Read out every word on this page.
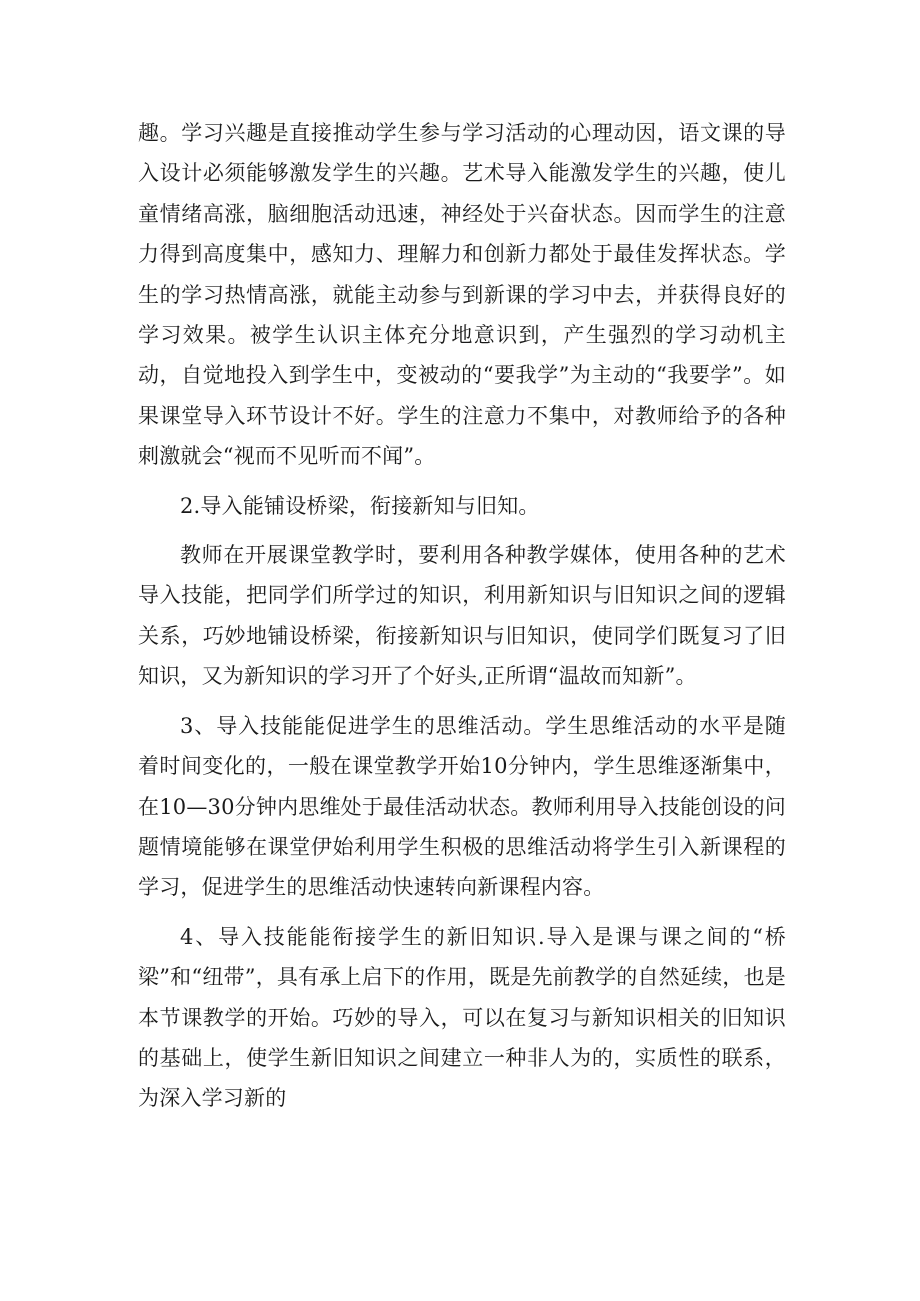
趣。学习兴趣是直接推动学生参与学习活动的心理动因，语文课的导入设计必须能够激发学生的兴趣。艺术导入能激发学生的兴趣，使儿童情绪高涨，脑细胞活动迅速，神经处于兴奋状态。因而学生的注意力得到高度集中，感知力、理解力和创新力都处于最佳发挥状态。学生的学习热情高涨，就能主动参与到新课的学习中去，并获得良好的学习效果。被学生认识主体充分地意识到，产生强烈的学习动机主动，自觉地投入到学生中，变被动的“要我学”为主动的“我要学”。如果课堂导入环节设计不好。学生的注意力不集中，对教师给予的各种刺激就会“视而不见听而不闻”。

2.导入能铺设桥梁，衔接新知与旧知。

教师在开展课堂教学时，要利用各种教学媒体，使用各种的艺术导入技能，把同学们所学过的知识，利用新知识与旧知识之间的逻辑关系，巧妙地铺设桥梁，衔接新知识与旧知识，使同学们既复习了旧知识，又为新知识的学习开了个好头,正所谓“温故而知新”。

3、导入技能能促进学生的思维活动。学生思维活动的水平是随着时间变化的，一般在课堂教学开始10分钟内，学生思维逐渐集中，在10—30分钟内思维处于最佳活动状态。教师利用导入技能创设的问题情境能够在课堂伊始利用学生积极的思维活动将学生引入新课程的学习，促进学生的思维活动快速转向新课程内容。

4、导入技能能衔接学生的新旧知识.导入是课与课之间的“桥梁”和“纽带”，具有承上启下的作用，既是先前教学的自然延续，也是本节课教学的开始。巧妙的导入，可以在复习与新知识相关的旧知识的基础上，使学生新旧知识之间建立一种非人为的，实质性的联系，为深入学习新的
